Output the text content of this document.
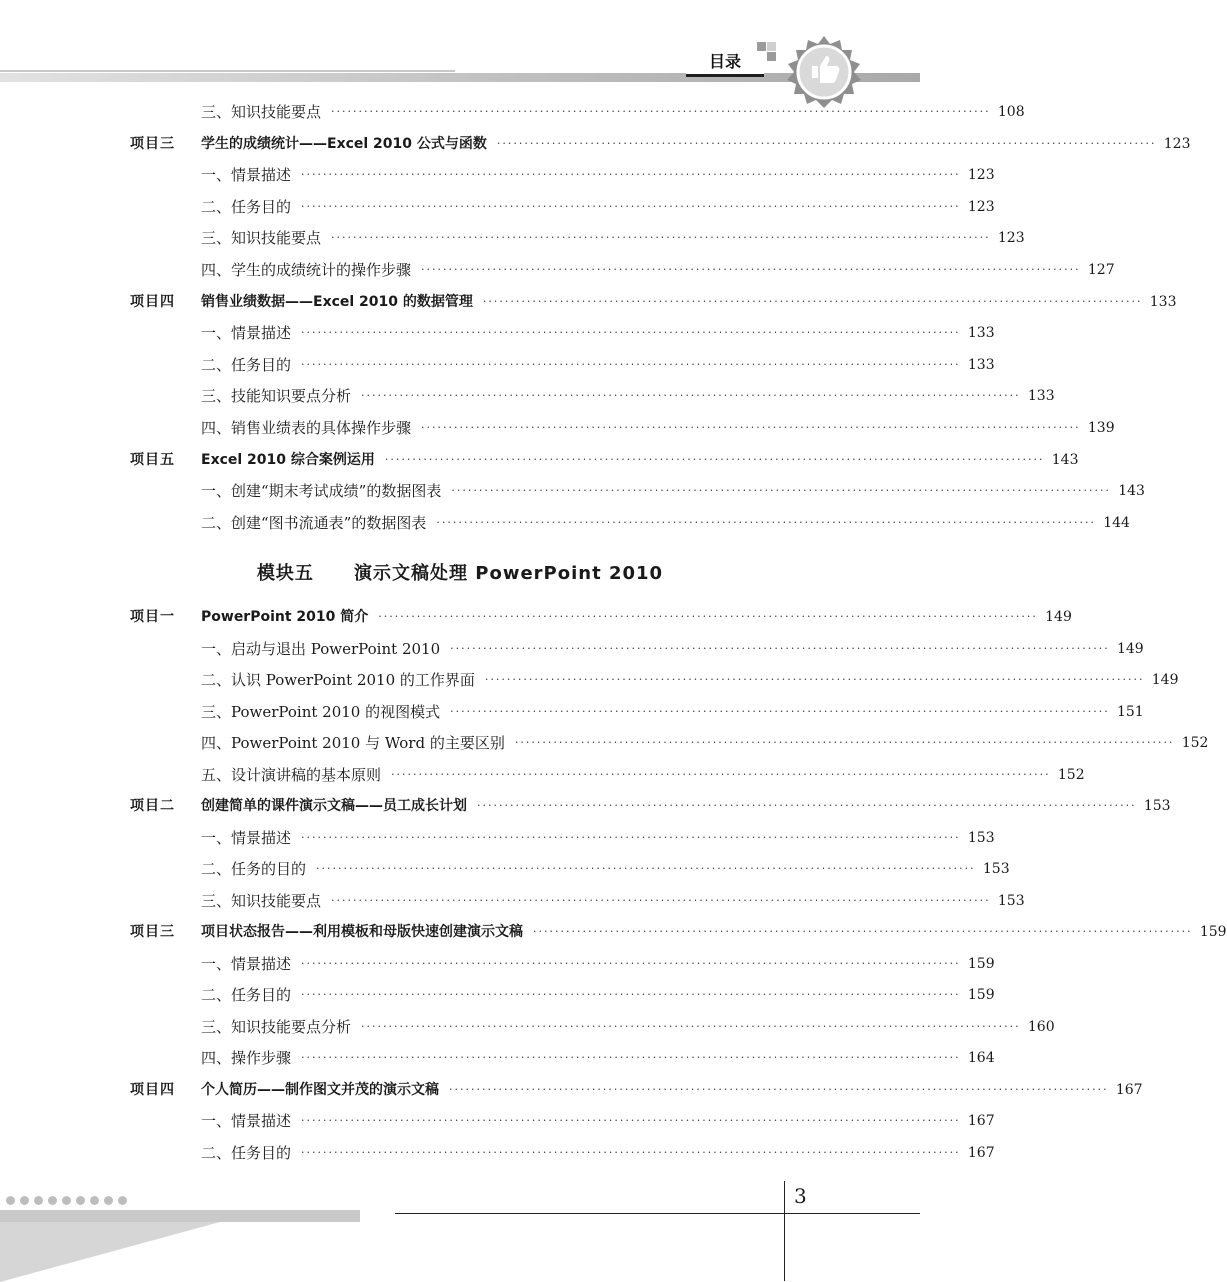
目录
三、知识技能要点 ························································································································ 108
项目三	学生的成绩统计——Excel 2010 公式与函数 ························································································································ 123
一、情景描述 ························································································································ 123
二、任务目的 ························································································································ 123
三、知识技能要点 ························································································································ 123
四、学生的成绩统计的操作步骤 ························································································································ 127
项目四	销售业绩数据——Excel 2010 的数据管理 ························································································································ 133
一、情景描述 ························································································································ 133
二、任务目的 ························································································································ 133
三、技能知识要点分析 ························································································································ 133
四、销售业绩表的具体操作步骤 ························································································································ 139
项目五	Excel 2010 综合案例运用 ························································································································ 143
一、创建“期末考试成绩”的数据图表 ························································································································ 143
二、创建“图书流通表”的数据图表 ························································································································ 144
模块五 演示文稿处理 PowerPoint 2010
项目一	PowerPoint 2010 简介 ························································································································ 149
一、启动与退出 PowerPoint 2010 ························································································································ 149
二、认识 PowerPoint 2010 的工作界面 ························································································································ 149
三、PowerPoint 2010 的视图模式 ························································································································ 151
四、PowerPoint 2010 与 Word 的主要区别 ························································································································ 152
五、设计演讲稿的基本原则 ························································································································ 152
项目二	创建简单的课件演示文稿——员工成长计划 ························································································································ 153
一、情景描述 ························································································································ 153
二、任务的目的 ························································································································ 153
三、知识技能要点 ························································································································ 153
项目三	项目状态报告——利用模板和母版快速创建演示文稿 ························································································································ 159
一、情景描述 ························································································································ 159
二、任务目的 ························································································································ 159
三、知识技能要点分析 ························································································································ 160
四、操作步骤 ························································································································ 164
项目四	个人简历——制作图文并茂的演示文稿 ························································································································ 167
一、情景描述 ························································································································ 167
二、任务目的 ························································································································ 167
3
